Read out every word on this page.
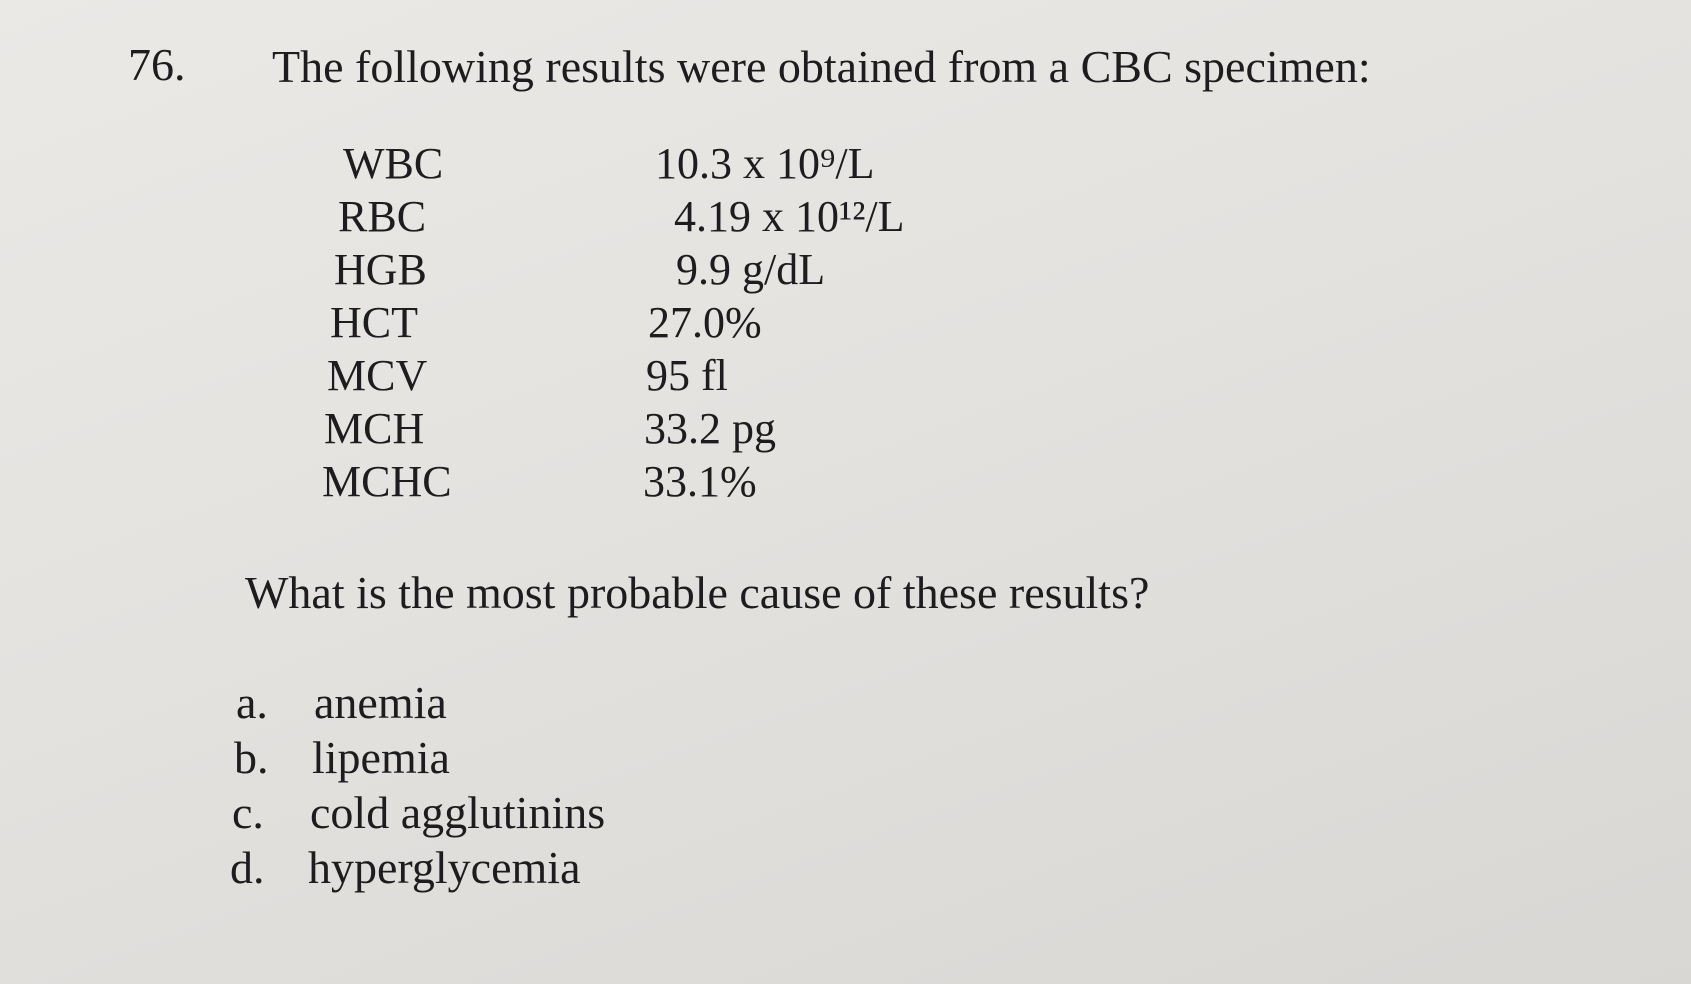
76. The following results were obtained from a CBC specimen:
WBC	10.3 x 10⁹/L
RBC	4.19 x 10¹²/L
HGB	9.9 g/dL
HCT	27.0%
MCV	95 fl
MCH	33.2 pg
MCHC	33.1%
What is the most probable cause of these results?
a. anemia
b. lipemia
c. cold agglutinins
d. hyperglycemia
